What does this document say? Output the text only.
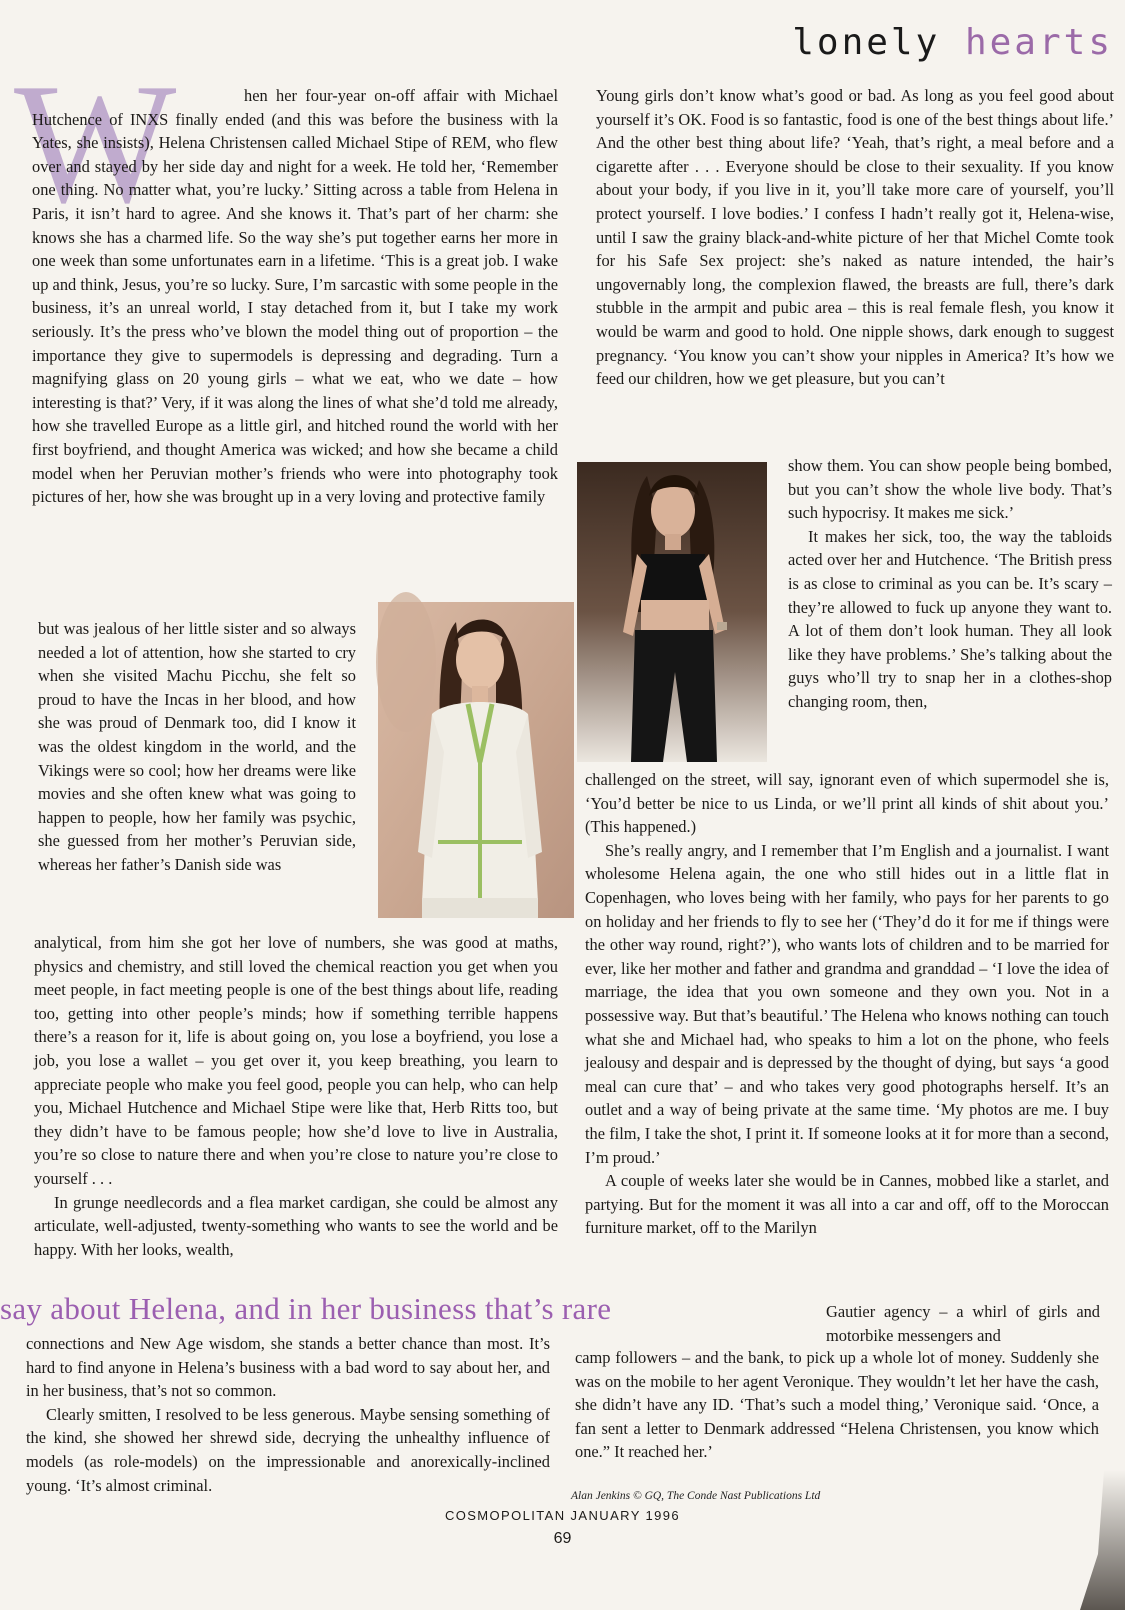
lonely hearts
W	hen her four-year on-off affair with Michael Hutchence of INXS finally ended (and this was before the business with la Yates, she insists), Helena Christensen called Michael Stipe of REM, who flew over and stayed by her side day and night for a week. He told her, ‘Remember one thing. No matter what, you’re lucky.’ Sitting across a table from Helena in Paris, it isn’t hard to agree. And she knows it. That’s part of her charm: she knows she has a charmed life. So the way she’s put together earns her more in one week than some unfortunates earn in a lifetime. ‘This is a great job. I wake up and think, Jesus, you’re so lucky. Sure, I’m sarcastic with some people in the business, it’s an unreal world, I stay detached from it, but I take my work seriously. It’s the press who’ve blown the model thing out of proportion – the importance they give to supermodels is depressing and degrading. Turn a magnifying glass on 20 young girls – what we eat, who we date – how interesting is that?’ Very, if it was along the lines of what she’d told me already, how she travelled Europe as a little girl, and hitched round the world with her first boyfriend, and thought America was wicked; and how she became a child model when her Peruvian mother’s friends who were into photography took pictures of her, how she was brought up in a very loving and protective family

but was jealous of her little sister and so always needed a lot of attention, how she started to cry when she visited Machu Picchu, she felt so proud to have the Incas in her blood, and how she was proud of Denmark too, did I know it was the oldest kingdom in the world, and the Vikings were so cool; how her dreams were like movies and she often knew what was going to happen to people, how her family was psychic, she guessed from her mother’s Peruvian side, whereas her father’s Danish side was

analytical, from him she got her love of numbers, she was good at maths, physics and chemistry, and still loved the chemical reaction you get when you meet people, in fact meeting people is one of the best things about life, reading too, getting into other people’s minds; how if something terrible happens there’s a reason for it, life is about going on, you lose a boyfriend, you lose a job, you lose a wallet – you get over it, you keep breathing, you learn to appreciate people who make you feel good, people you can help, who can help you, Michael Hutchence and Michael Stipe were like that, Herb Ritts too, but they didn’t have to be famous people; how she’d love to live in Australia, you’re so close to nature there and when you’re close to nature you’re close to yourself . . .

In grunge needlecords and a flea market cardigan, she could be almost any articulate, well-adjusted, twenty-something who wants to see the world and be happy. With her looks, wealth,

say about Helena, and in her business that’s rare

connections and New Age wisdom, she stands a better chance than most. It’s hard to find anyone in Helena’s business with a bad word to say about her, and in her business, that’s not so common.

Clearly smitten, I resolved to be less generous. Maybe sensing something of the kind, she showed her shrewd side, decrying the unhealthy influence of models (as role-models) on the impressionable and anorexically-inclined young. ‘It’s almost criminal.

Young girls don’t know what’s good or bad. As long as you feel good about yourself it’s OK. Food is so fantastic, food is one of the best things about life.’ And the other best thing about life? ‘Yeah, that’s right, a meal before and a cigarette after . . . Everyone should be close to their sexuality. If you know about your body, if you live in it, you’ll take more care of yourself, you’ll protect yourself. I love bodies.’ I confess I hadn’t really got it, Helena-wise, until I saw the grainy black-and-white picture of her that Michel Comte took for his Safe Sex project: she’s naked as nature intended, the hair’s ungovernably long, the complexion flawed, the breasts are full, there’s dark stubble in the armpit and pubic area – this is real female flesh, you know it would be warm and good to hold. One nipple shows, dark enough to suggest pregnancy. ‘You know you can’t show your nipples in America? It’s how we feed our children, how we get pleasure, but you can’t

show them. You can show people being bombed, but you can’t show the whole live body. That’s such hypocrisy. It makes me sick.’

It makes her sick, too, the way the tabloids acted over her and Hutchence. ‘The British press is as close to criminal as you can be. It’s scary – they’re allowed to fuck up anyone they want to. A lot of them don’t look human. They all look like they have problems.’ She’s talking about the guys who’ll try to snap her in a clothes-shop changing room, then,

challenged on the street, will say, ignorant even of which supermodel she is, ‘You’d better be nice to us Linda, or we’ll print all kinds of shit about you.’ (This happened.)

She’s really angry, and I remember that I’m English and a journalist. I want wholesome Helena again, the one who still hides out in a little flat in Copenhagen, who loves being with her family, who pays for her parents to go on holiday and her friends to fly to see her (‘They’d do it for me if things were the other way round, right?’), who wants lots of children and to be married for ever, like her mother and father and grandma and granddad – ‘I love the idea of marriage, the idea that you own someone and they own you. Not in a possessive way. But that’s beautiful.’ The Helena who knows nothing can touch what she and Michael had, who speaks to him a lot on the phone, who feels jealousy and despair and is depressed by the thought of dying, but says ‘a good meal can cure that’ – and who takes very good photographs herself. It’s an outlet and a way of being private at the same time. ‘My photos are me. I buy the film, I take the shot, I print it. If someone looks at it for more than a second, I’m proud.’

A couple of weeks later she would be in Cannes, mobbed like a starlet, and partying. But for the moment it was all into a car and off, off to the Moroccan furniture market, off to the Marilyn

Gautier agency – a whirl of girls and motorbike messengers and

camp followers – and the bank, to pick up a whole lot of money. Suddenly she was on the mobile to her agent Veronique. They wouldn’t let her have the cash, she didn’t have any ID. ‘That’s such a model thing,’ Veronique said. ‘Once, a fan sent a letter to Denmark addressed “Helena Christensen, you know which one.” It reached her.’

Alan Jenkins © GQ, The Conde Nast Publications Ltd
COSMOPOLITAN JANUARY 1996
69
